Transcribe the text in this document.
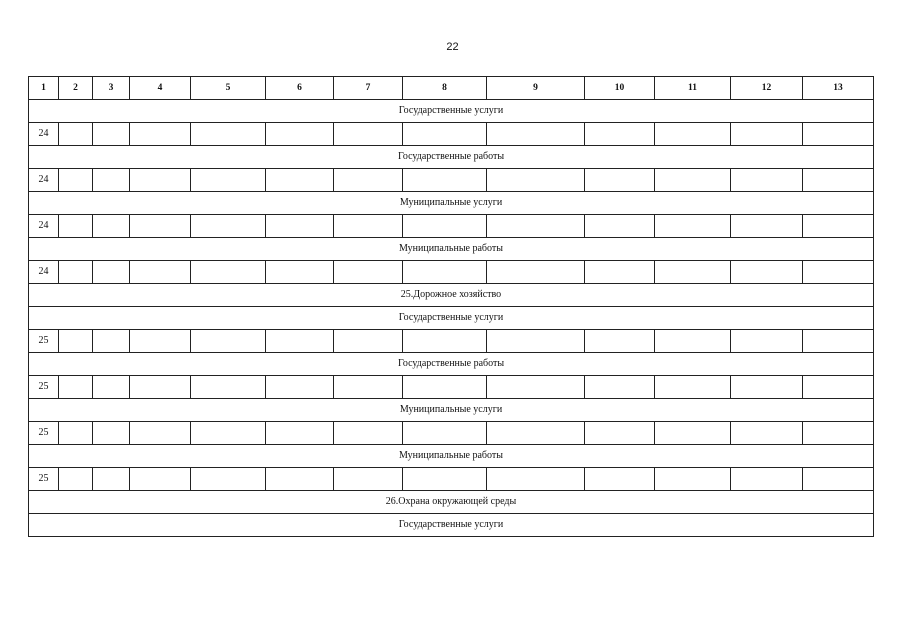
22
1	2	3	4	5	6	7	8	9	10	11	12	13
Государственные услуги												
24												
Государственные работы												
24												
Муниципальные услуги												
24												
Муниципальные работы												
24												
25.Дорожное хозяйство												
Государственные услуги												
25												
Государственные работы												
25												
Муниципальные услуги												
25												
Муниципальные работы												
25												
26.Охрана окружающей среды												
Государственные услуги												
